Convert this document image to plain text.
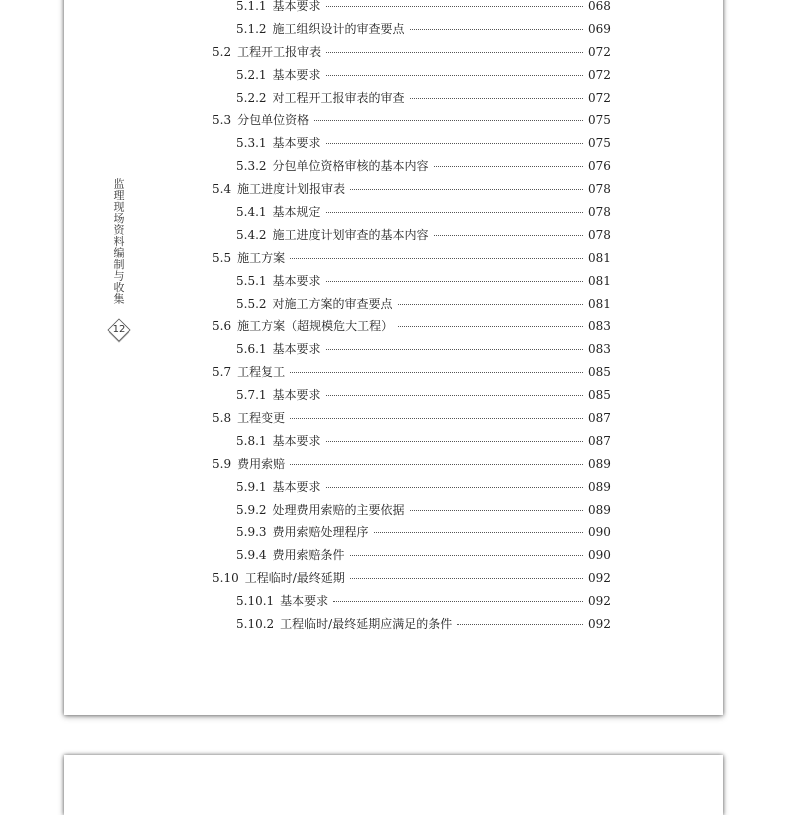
监理现场资料编制与收集
12
5.1.1 基本要求	068
5.1.2 施工组织设计的审查要点	069
5.2 工程开工报审表	072
5.2.1 基本要求	072
5.2.2 对工程开工报审表的审查	072
5.3 分包单位资格	075
5.3.1 基本要求	075
5.3.2 分包单位资格审核的基本内容	076
5.4 施工进度计划报审表	078
5.4.1 基本规定	078
5.4.2 施工进度计划审查的基本内容	078
5.5 施工方案	081
5.5.1 基本要求	081
5.5.2 对施工方案的审查要点	081
5.6 施工方案（超规模危大工程）	083
5.6.1 基本要求	083
5.7 工程复工	085
5.7.1 基本要求	085
5.8 工程变更	087
5.8.1 基本要求	087
5.9 费用索赔	089
5.9.1 基本要求	089
5.9.2 处理费用索赔的主要依据	089
5.9.3 费用索赔处理程序	090
5.9.4 费用索赔条件	090
5.10 工程临时/最终延期	092
5.10.1 基本要求	092
5.10.2 工程临时/最终延期应满足的条件	092
